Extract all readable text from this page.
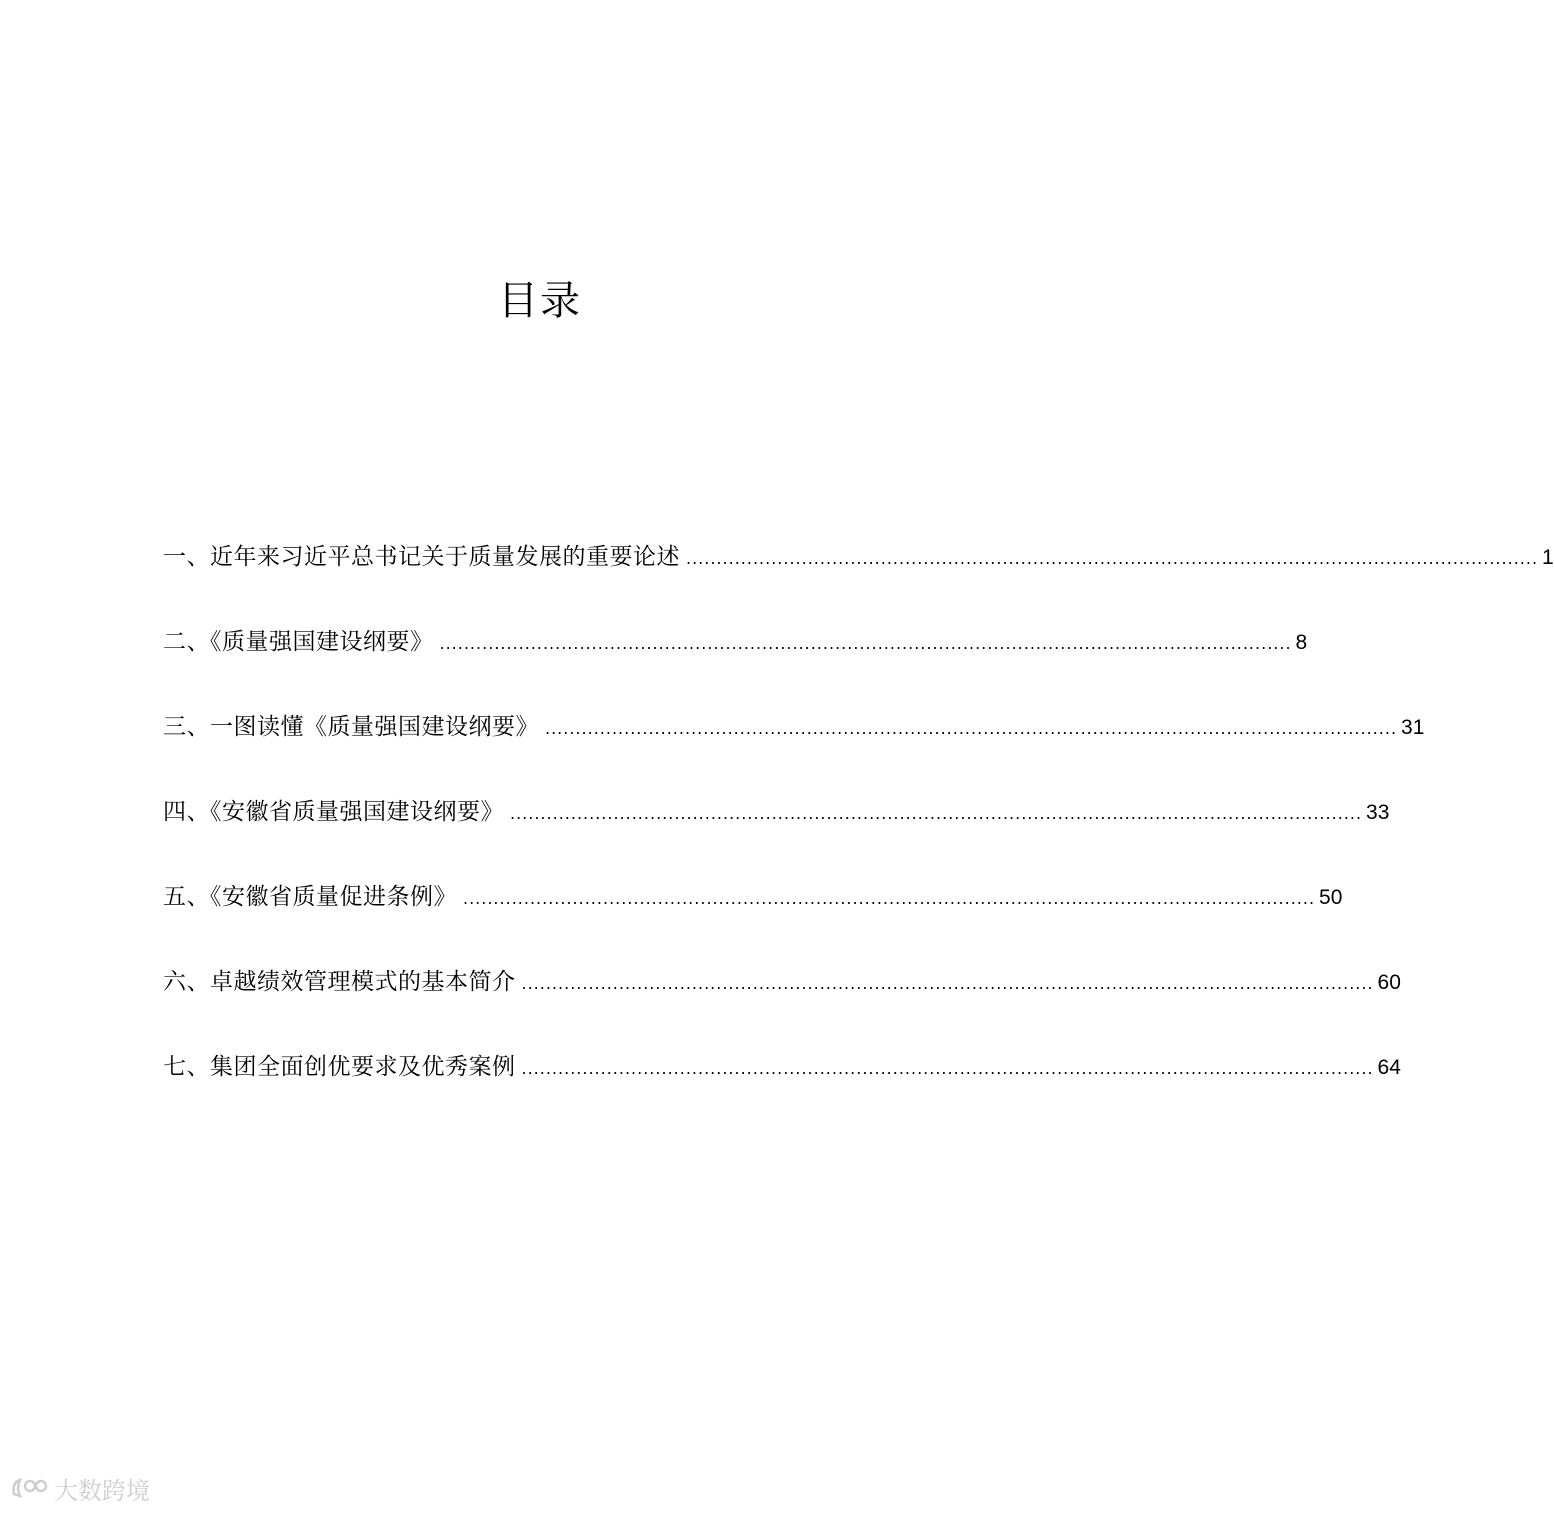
目录
一、近年来习近平总书记关于质量发展的重要论述 ............................................................................................................................................ 1
二、《质量强国建设纲要》 ............................................................................................................................................ 8
三、一图读懂《质量强国建设纲要》 ............................................................................................................................................ 31
四、《安徽省质量强国建设纲要》 ............................................................................................................................................ 33
五、《安徽省质量促进条例》 ............................................................................................................................................ 50
六、卓越绩效管理模式的基本简介 ............................................................................................................................................ 60
七、集团全面创优要求及优秀案例 ............................................................................................................................................ 64
大数跨境
